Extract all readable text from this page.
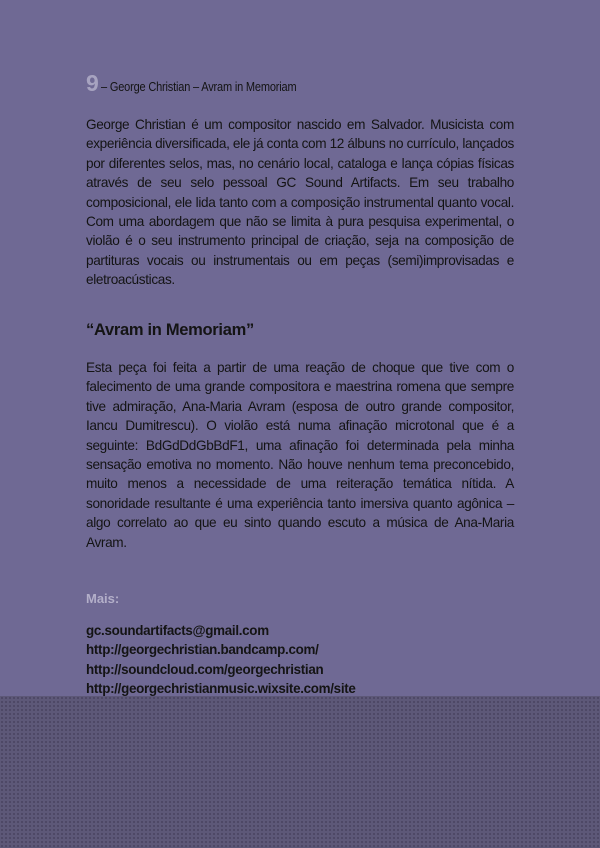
9 – George Christian – Avram in Memoriam

George Christian é um compositor nascido em Salvador. Musicista com experiência diversificada, ele já conta com 12 álbuns no currículo, lançados por diferentes selos, mas, no cenário local, cataloga e lança cópias físicas através de seu selo pessoal GC Sound Artifacts. Em seu trabalho composicional, ele lida tanto com a composição instrumental quanto vocal. Com uma abordagem que não se limita à pura pesquisa experimental, o violão é o seu instrumento principal de criação, seja na composição de partituras vocais ou instrumentais ou em peças (semi)improvisadas e eletroacústicas.

“Avram in Memoriam”

Esta peça foi feita a partir de uma reação de choque que tive com o falecimento de uma grande compositora e maestrina romena que sempre tive admiração, Ana-Maria Avram (esposa de outro grande compositor, Iancu Dumitrescu). O violão está numa afinação microtonal que é a seguinte: BdGdDdGbBdF1, uma afinação foi determinada pela minha sensação emotiva no momento. Não houve nenhum tema preconcebido, muito menos a necessidade de uma reiteração temática nítida. A sonoridade resultante é uma experiência tanto imersiva quanto agônica – algo correlato ao que eu sinto quando escuto a música de Ana-Maria Avram.

Mais:
gc.soundartifacts@gmail.com
http://georgechristian.bandcamp.com/
http://soundcloud.com/georgechristian
http://georgechristianmusic.wixsite.com/site
